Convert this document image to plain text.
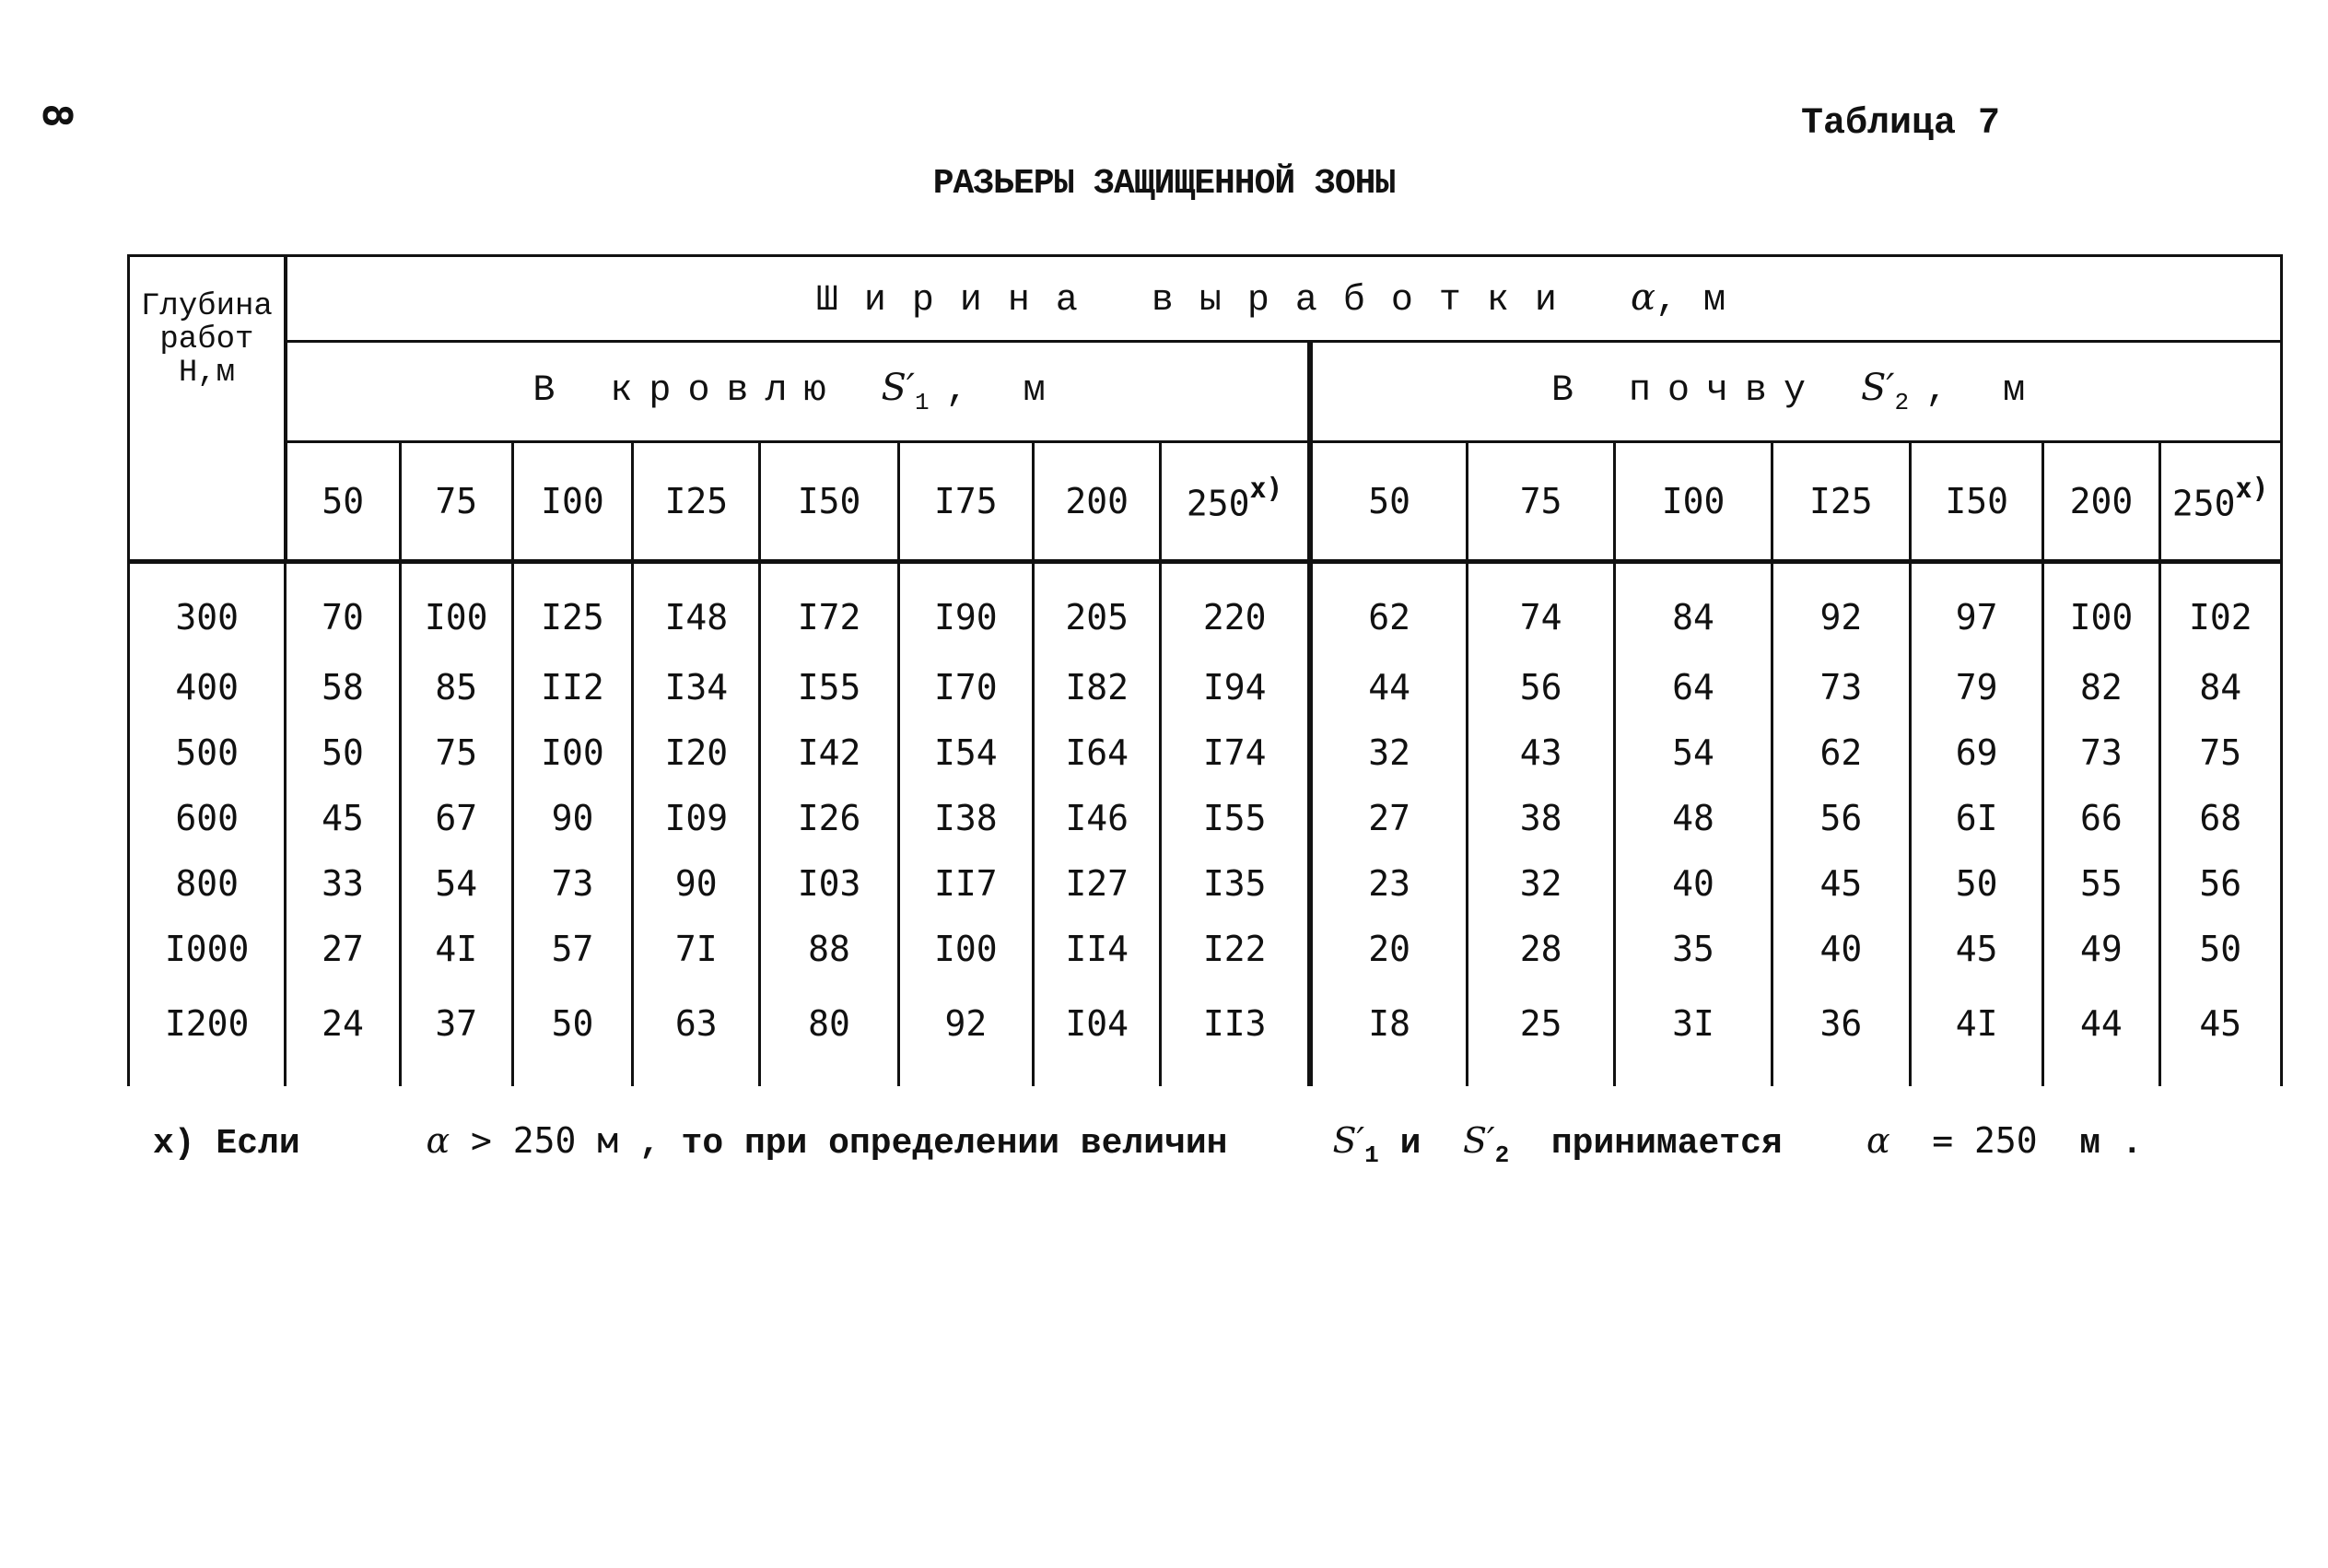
8	Таблица 7
РАЗЬЕРЫ ЗАЩИЩЕННОЙ ЗОНЫ
Глубина работ H,м	Ширина выработки α,м														
	В кровлю $S'_1$, м								В почву $S'_2$, м						
	50	75	I00	I25	I50	I75	200	250$^{x)}$	50	75	I00	I25	I50	200	250$^{x)}$

300	70	I00	I25	I48	I72	I90	205	220	62	74	84	92	97	I00	I02
400	58	85	II2	I34	I55	I70	I82	I94	44	56	64	73	79	82	84
500	50	75	I00	I20	I42	I54	I64	I74	32	43	54	62	69	73	75
600	45	67	90	I09	I26	I38	I46	I55	27	38	48	56	6I	66	68
800	33	54	73	90	I03	II7	I27	I35	23	32	40	45	50	55	56
I000	27	4I	57	7I	88	I00	II4	I22	20	28	35	40	45	49	50
I200	24	37	50	63	80	92	I04	II3	I8	25	3I	36	4I	44	45
x) Если	α > 250 м , то при определении величин	$S'_1$ и $S'_2$ принимается α = 250 м .
